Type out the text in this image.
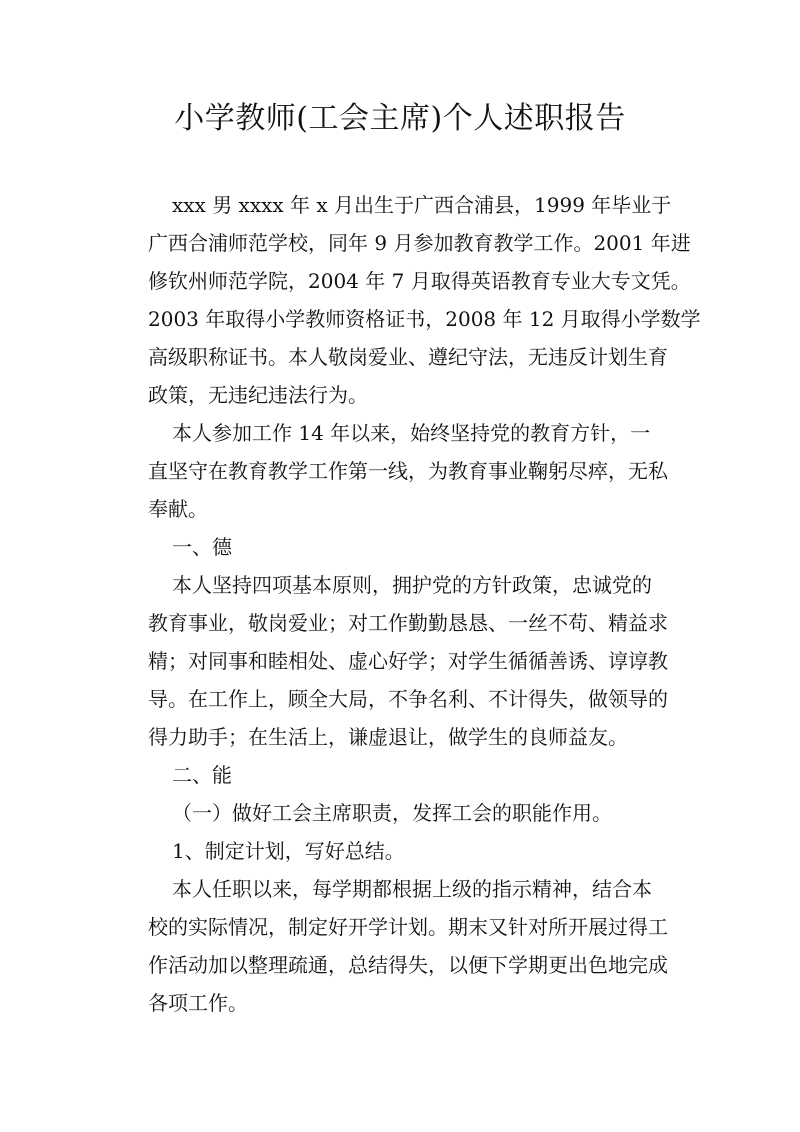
小学教师(工会主席)个人述职报告
xxx 男 xxxx 年 x 月出生于广西合浦县，1999 年毕业于
广西合浦师范学校，同年 9 月参加教育教学工作。2001 年进
修钦州师范学院，2004 年 7 月取得英语教育专业大专文凭。
2003 年取得小学教师资格证书，2008 年 12 月取得小学数学
高级职称证书。本人敬岗爱业、遵纪守法，无违反计划生育
政策，无违纪违法行为。
本人参加工作 14 年以来，始终坚持党的教育方针，一
直坚守在教育教学工作第一线，为教育事业鞠躬尽瘁，无私
奉献。
一、德
本人坚持四项基本原则，拥护党的方针政策，忠诚党的
教育事业，敬岗爱业；对工作勤勤恳恳、一丝不苟、精益求
精；对同事和睦相处、虚心好学；对学生循循善诱、谆谆教
导。在工作上，顾全大局，不争名利、不计得失，做领导的
得力助手；在生活上，谦虚退让，做学生的良师益友。
二、能
（一）做好工会主席职责，发挥工会的职能作用。
1、制定计划，写好总结。
本人任职以来，每学期都根据上级的指示精神，结合本
校的实际情况，制定好开学计划。期末又针对所开展过得工
作活动加以整理疏通，总结得失，以便下学期更出色地完成
各项工作。
